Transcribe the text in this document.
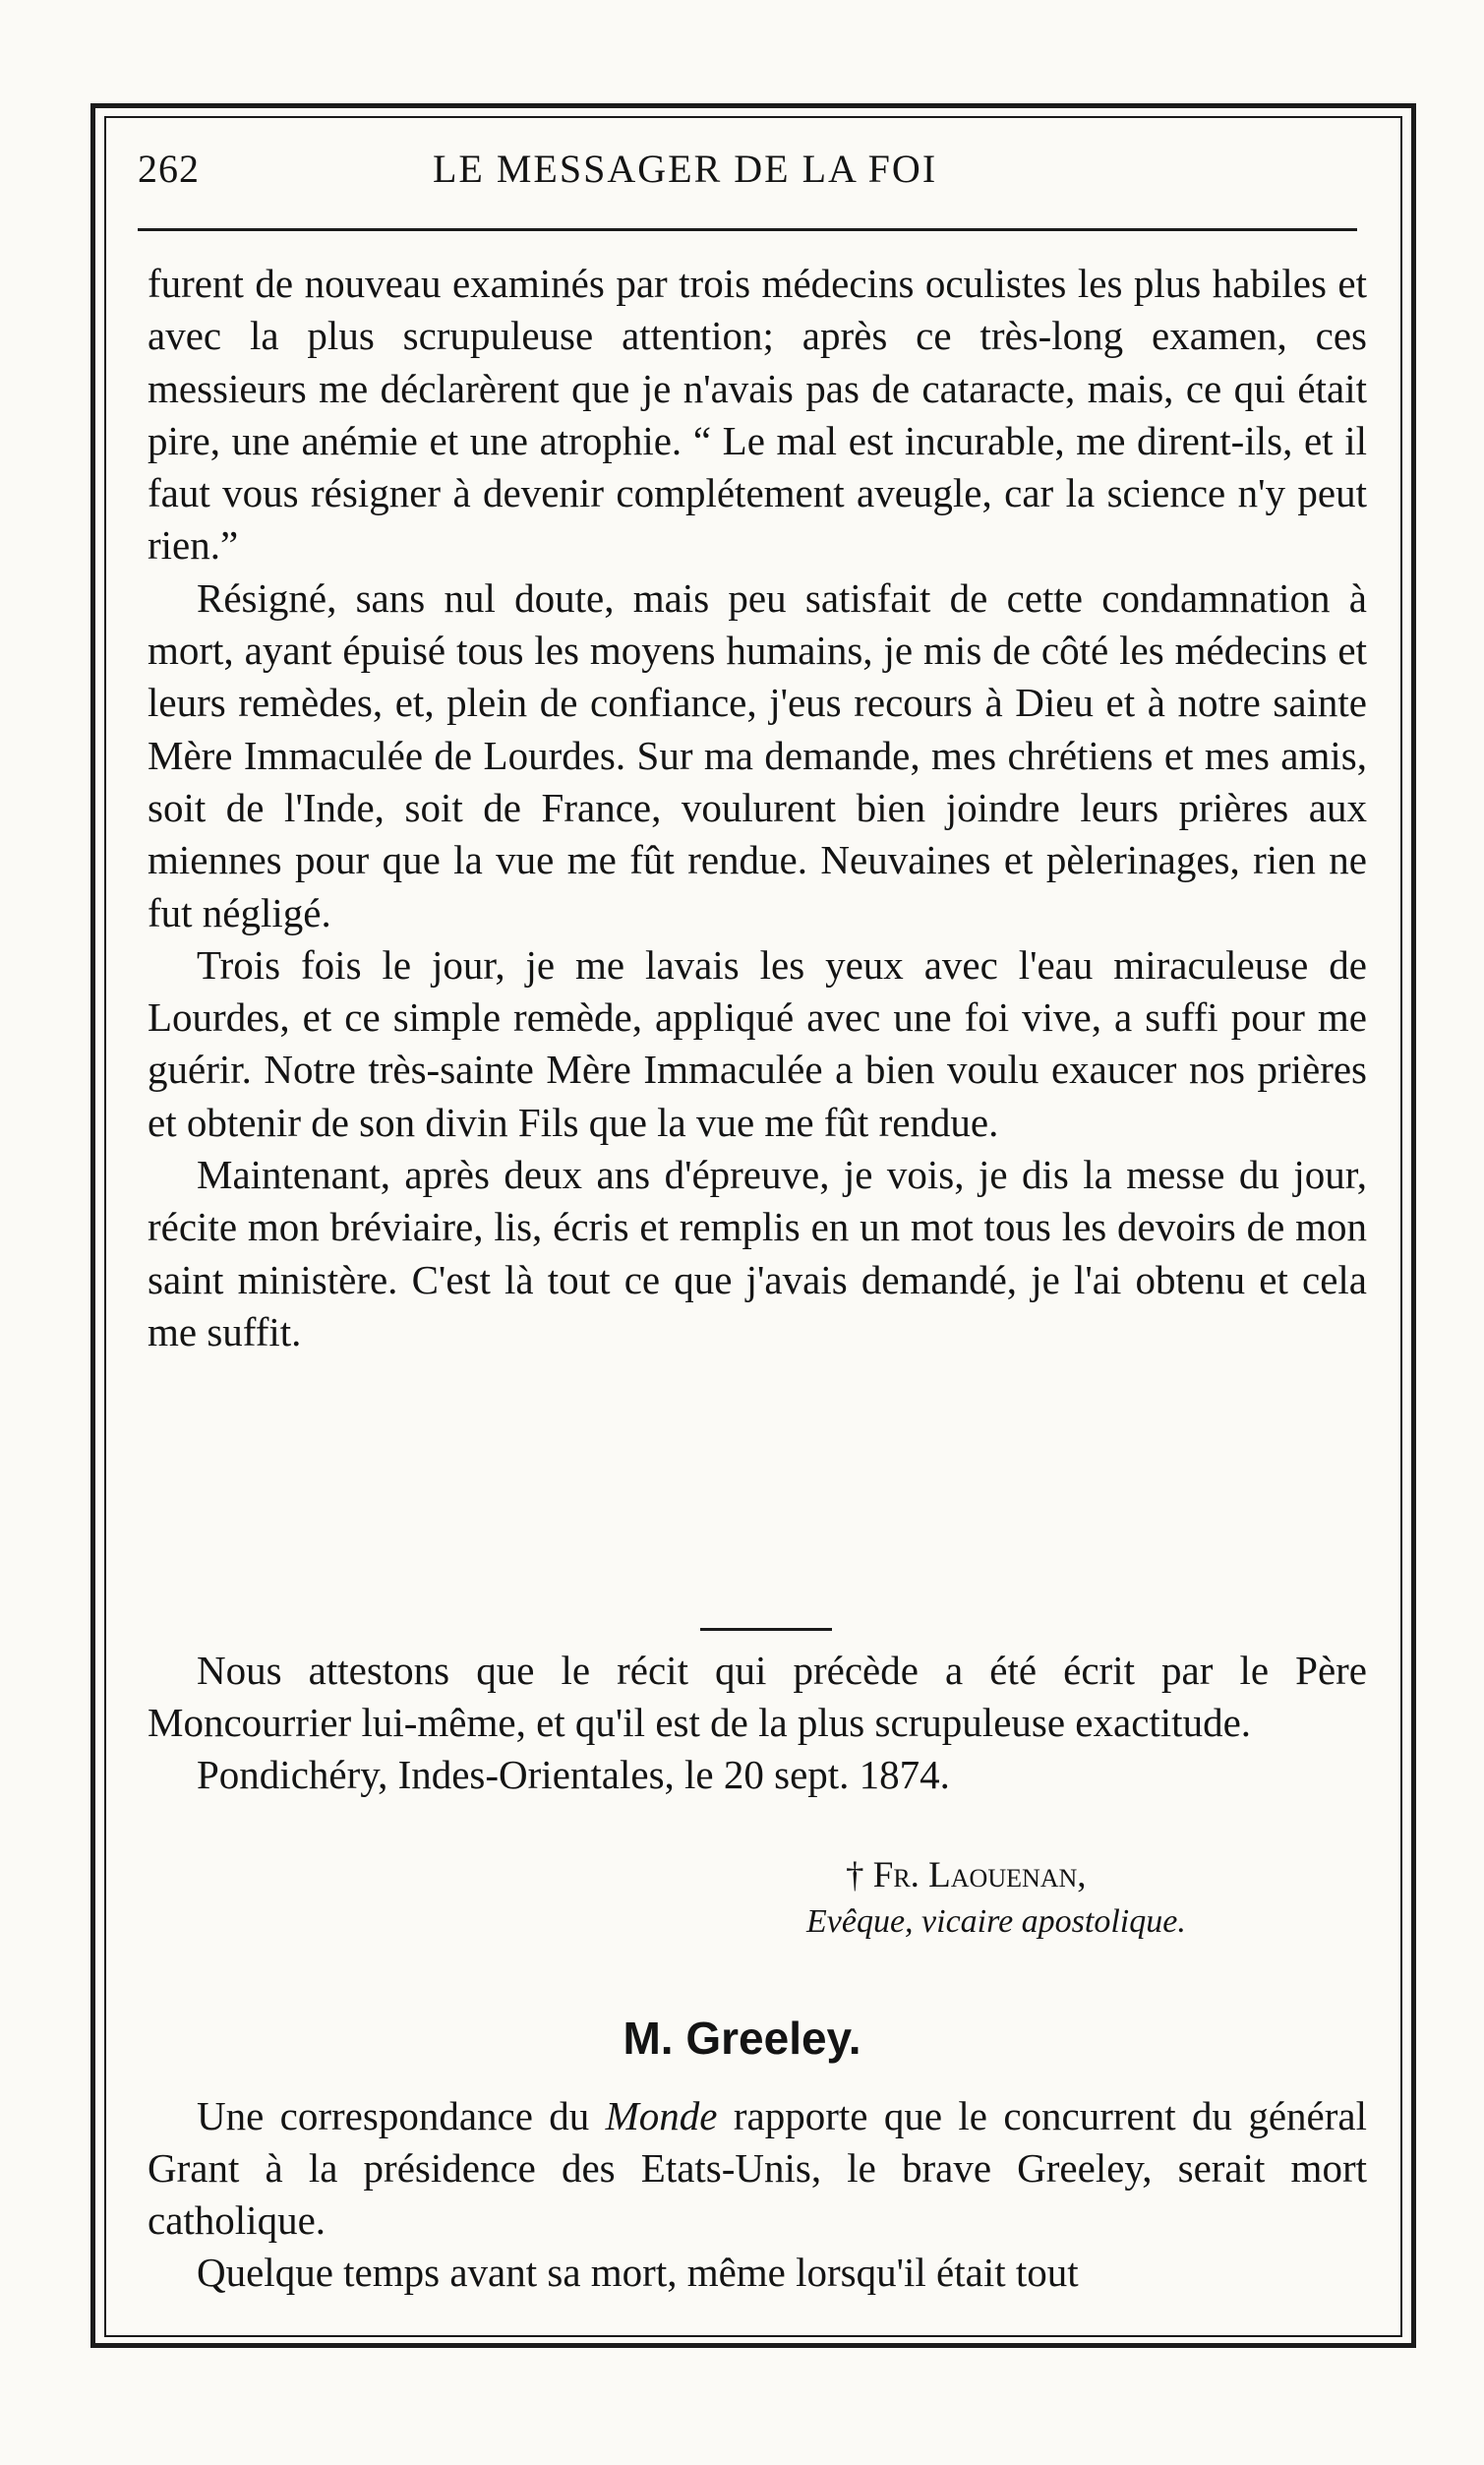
262	LE MESSAGER DE LA FOI

furent de nouveau examinés par trois médecins oculistes les plus habiles et avec la plus scrupuleuse attention; après ce très-long examen, ces messieurs me déclarèrent que je n'avais pas de cataracte, mais, ce qui était pire, une anémie et une atrophie. “ Le mal est incurable, me dirent-ils, et il faut vous résigner à devenir complétement aveugle, car la science n'y peut rien.”

Résigné, sans nul doute, mais peu satisfait de cette condamnation à mort, ayant épuisé tous les moyens humains, je mis de côté les médecins et leurs remèdes, et, plein de confiance, j'eus recours à Dieu et à notre sainte Mère Immaculée de Lourdes. Sur ma demande, mes chrétiens et mes amis, soit de l'Inde, soit de France, voulurent bien joindre leurs prières aux miennes pour que la vue me fût rendue. Neuvaines et pèlerinages, rien ne fut négligé.

Trois fois le jour, je me lavais les yeux avec l'eau miraculeuse de Lourdes, et ce simple remède, appliqué avec une foi vive, a suffi pour me guérir. Notre très-sainte Mère Immaculée a bien voulu exaucer nos prières et obtenir de son divin Fils que la vue me fût rendue.

Maintenant, après deux ans d'épreuve, je vois, je dis la messe du jour, récite mon bréviaire, lis, écris et remplis en un mot tous les devoirs de mon saint ministère. C'est là tout ce que j'avais demandé, je l'ai obtenu et cela me suffit.

Nous attestons que le récit qui précède a été écrit par le Père Moncourrier lui-même, et qu'il est de la plus scrupuleuse exactitude.

Pondichéry, Indes-Orientales, le 20 sept. 1874.

† Fr. Laouenan,
Evêque, vicaire apostolique.
M. Greeley.

Une correspondance du Monde rapporte que le concurrent du général Grant à la présidence des Etats-Unis, le brave Greeley, serait mort catholique.

Quelque temps avant sa mort, même lorsqu'il était tout
